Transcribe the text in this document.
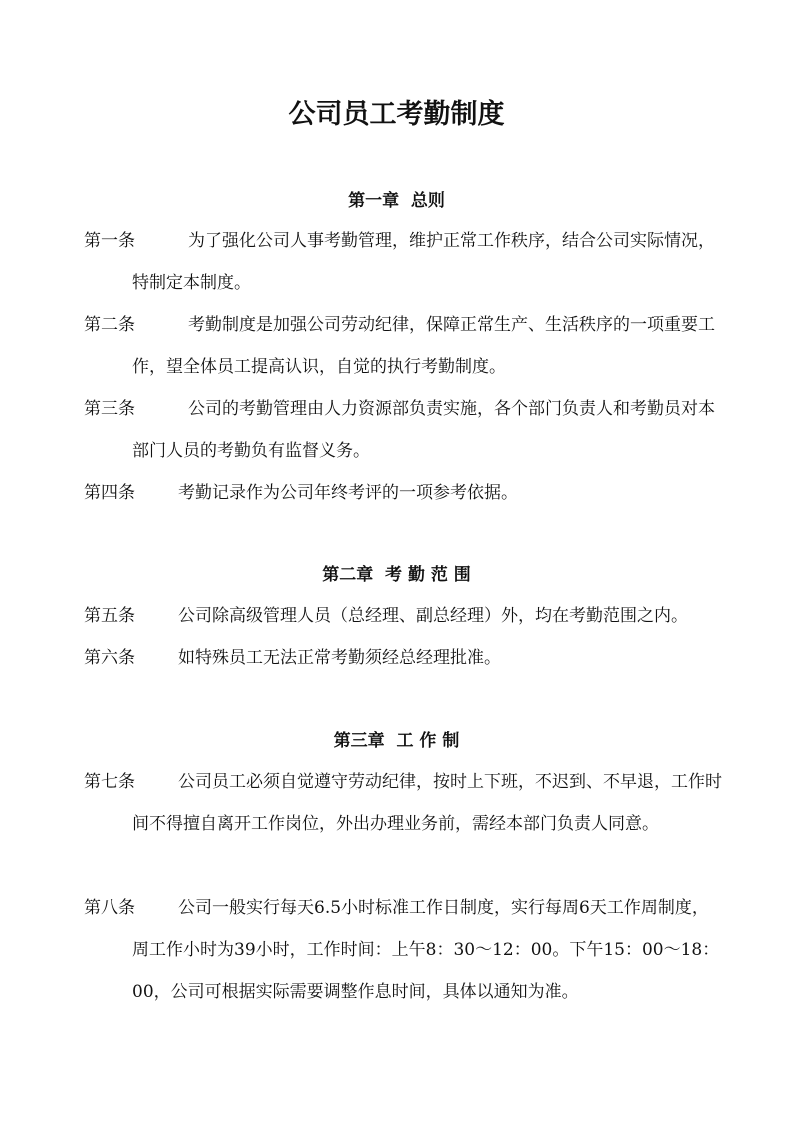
公司员工考勤制度
第一章  总则
第一条	为了强化公司人事考勤管理，维护正常工作秩序，结合公司实际情况，特制定本制度。
第二条	考勤制度是加强公司劳动纪律，保障正常生产、生活秩序的一项重要工作，望全体员工提高认识，自觉的执行考勤制度。
第三条	公司的考勤管理由人力资源部负责实施，各个部门负责人和考勤员对本部门人员的考勤负有监督义务。
第四条	考勤记录作为公司年终考评的一项参考依据。
第二章  考 勤 范 围
第五条	公司除高级管理人员（总经理、副总经理）外，均在考勤范围之内。
第六条	如特殊员工无法正常考勤须经总经理批准。
第三章  工 作 制
第七条	公司员工必须自觉遵守劳动纪律，按时上下班，不迟到、不早退，工作时间不得擅自离开工作岗位，外出办理业务前，需经本部门负责人同意。
第八条	公司一般实行每天6.5小时标准工作日制度，实行每周6天工作周制度，周工作小时为39小时，工作时间：上午8：30～12：00。下午15：00～18：00，公司可根据实际需要调整作息时间，具体以通知为准。
